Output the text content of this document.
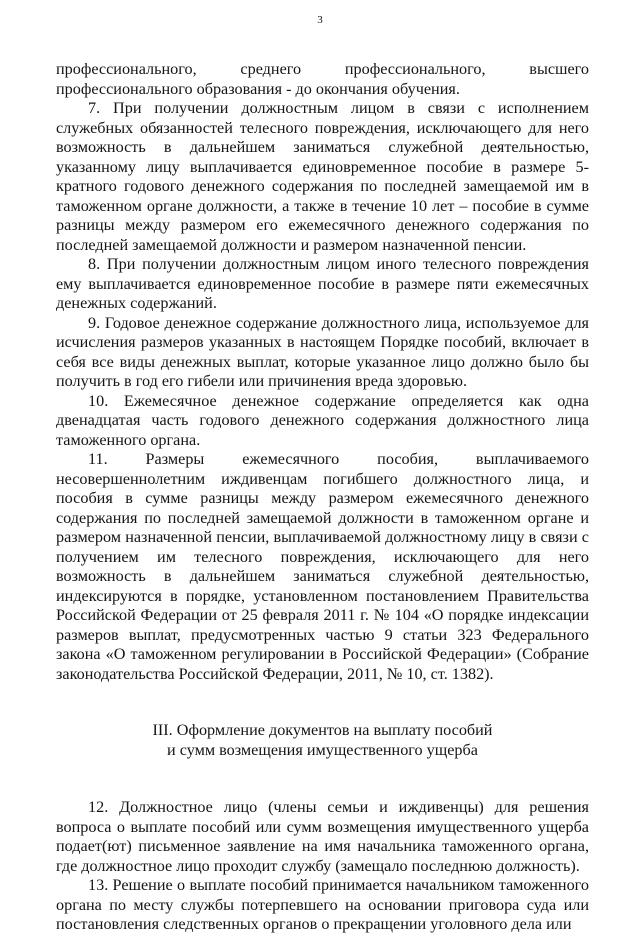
3

профессионального, среднего профессионального, высшего профессионального образования - до окончания обучения.

7. При получении должностным лицом в связи с исполнением служебных обязанностей телесного повреждения, исключающего для него возможность в дальнейшем заниматься служебной деятельностью, указанному лицу выплачивается единовременное пособие в размере 5-кратного годового денежного содержания по последней замещаемой им в таможенном органе должности, а также в течение 10 лет – пособие в сумме разницы между размером его ежемесячного денежного содержания по последней замещаемой должности и размером назначенной пенсии.

8. При получении должностным лицом иного телесного повреждения ему выплачивается единовременное пособие в размере пяти ежемесячных денежных содержаний.

9. Годовое денежное содержание должностного лица, используемое для исчисления размеров указанных в настоящем Порядке пособий, включает в себя все виды денежных выплат, которые указанное лицо должно было бы получить в год его гибели или причинения вреда здоровью.

10. Ежемесячное денежное содержание определяется как одна двенадцатая часть годового денежного содержания должностного лица таможенного органа.

11. Размеры ежемесячного пособия, выплачиваемого несовершеннолетним иждивенцам погибшего должностного лица, и пособия в сумме разницы между размером ежемесячного денежного содержания по последней замещаемой должности в таможенном органе и размером назначенной пенсии, выплачиваемой должностному лицу в связи с получением им телесного повреждения, исключающего для него возможность в дальнейшем заниматься служебной деятельностью, индексируются в порядке, установленном постановлением Правительства Российской Федерации от 25 февраля 2011 г. № 104 «О порядке индексации размеров выплат, предусмотренных частью 9 статьи 323 Федерального закона «О таможенном регулировании в Российской Федерации» (Собрание законодательства Российской Федерации, 2011, № 10, ст. 1382).

III. Оформление документов на выплату пособий

и сумм возмещения имущественного ущерба

12. Должностное лицо (члены семьи и иждивенцы) для решения вопроса о выплате пособий или сумм возмещения имущественного ущерба подает(ют) письменное заявление на имя начальника таможенного органа, где должностное лицо проходит службу (замещало последнюю должность).

13. Решение о выплате пособий принимается начальником таможенного органа по месту службы потерпевшего на основании приговора суда или постановления следственных органов о прекращении уголовного дела или
